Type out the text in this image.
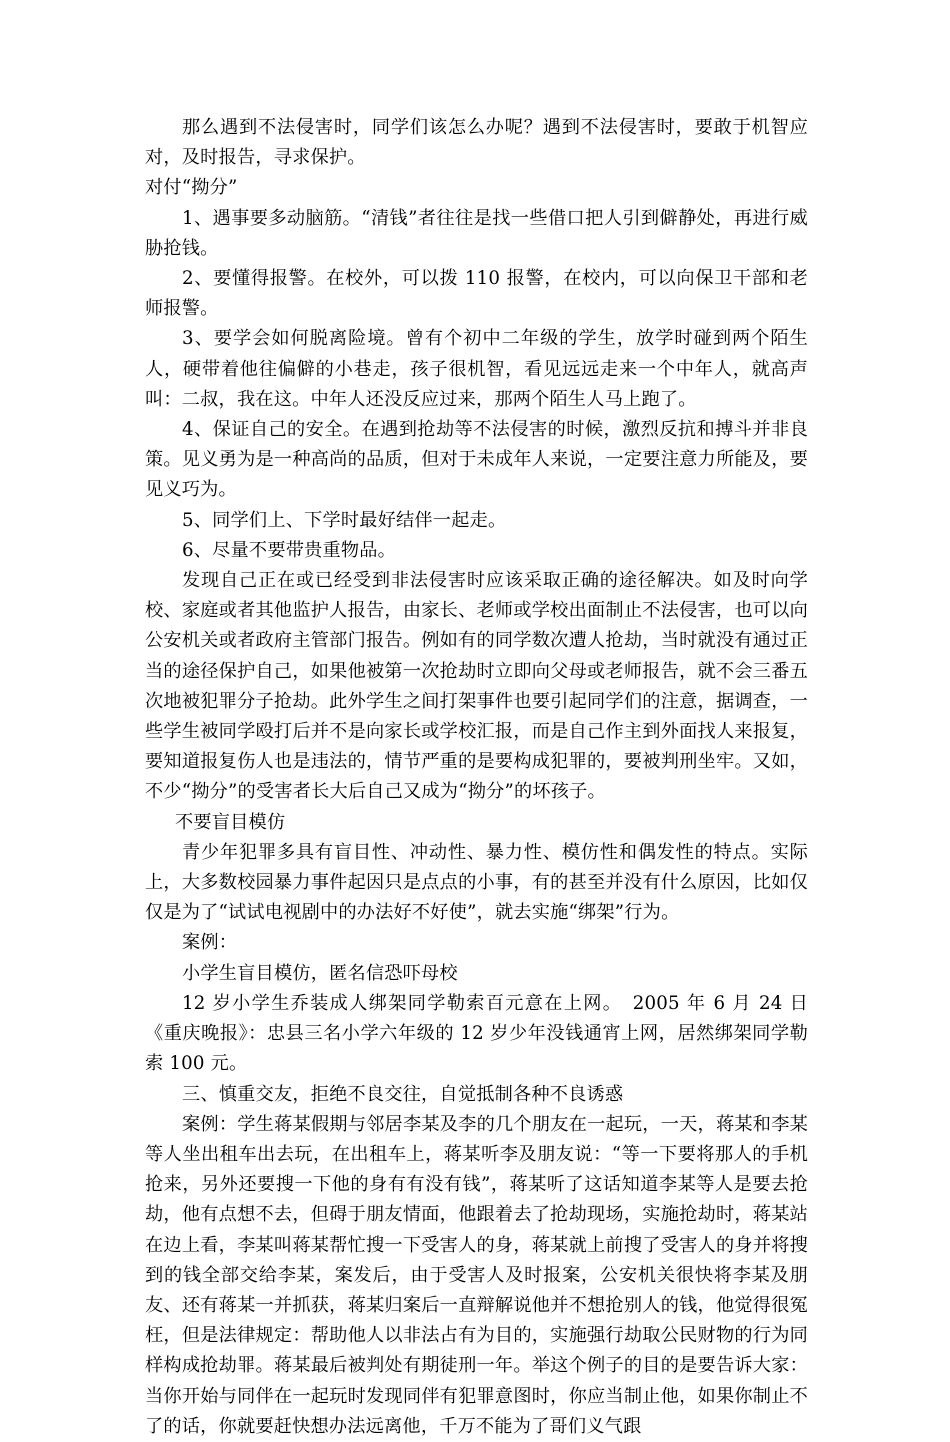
那么遇到不法侵害时，同学们该怎么办呢？遇到不法侵害时，要敢于机智应对，及时报告，寻求保护。

对付“拗分”

1、遇事要多动脑筋。“清钱”者往往是找一些借口把人引到僻静处，再进行威胁抢钱。

2、要懂得报警。在校外，可以拨 110 报警，在校内，可以向保卫干部和老师报警。

3、要学会如何脱离险境。曾有个初中二年级的学生，放学时碰到两个陌生人，硬带着他往偏僻的小巷走，孩子很机智，看见远远走来一个中年人，就高声叫：二叔，我在这。中年人还没反应过来，那两个陌生人马上跑了。

4、保证自己的安全。在遇到抢劫等不法侵害的时候，激烈反抗和搏斗并非良策。见义勇为是一种高尚的品质，但对于未成年人来说，一定要注意力所能及，要见义巧为。

5、同学们上、下学时最好结伴一起走。

6、尽量不要带贵重物品。

发现自己正在或已经受到非法侵害时应该采取正确的途径解决。如及时向学校、家庭或者其他监护人报告，由家长、老师或学校出面制止不法侵害，也可以向公安机关或者政府主管部门报告。例如有的同学数次遭人抢劫，当时就没有通过正当的途径保护自己，如果他被第一次抢劫时立即向父母或老师报告，就不会三番五次地被犯罪分子抢劫。此外学生之间打架事件也要引起同学们的注意，据调查，一些学生被同学殴打后并不是向家长或学校汇报，而是自己作主到外面找人来报复，要知道报复伤人也是违法的，情节严重的是要构成犯罪的，要被判刑坐牢。又如，不少“拗分”的受害者长大后自己又成为“拗分”的坏孩子。

不要盲目模仿

青少年犯罪多具有盲目性、冲动性、暴力性、模仿性和偶发性的特点。实际上，大多数校园暴力事件起因只是点点的小事，有的甚至并没有什么原因，比如仅仅是为了“试试电视剧中的办法好不好使”，就去实施“绑架”行为。

案例：

小学生盲目模仿，匿名信恐吓母校

12 岁小学生乔装成人绑架同学勒索百元意在上网。　2005 年 6 月 24 日《重庆晚报》：忠县三名小学六年级的 12 岁少年没钱通宵上网，居然绑架同学勒索 100 元。

三、慎重交友，拒绝不良交往，自觉抵制各种不良诱惑

案例：学生蒋某假期与邻居李某及李的几个朋友在一起玩，一天，蒋某和李某等人坐出租车出去玩，在出租车上，蒋某听李及朋友说：“等一下要将那人的手机抢来，另外还要搜一下他的身有有没有钱”，蒋某听了这话知道李某等人是要去抢劫，他有点想不去，但碍于朋友情面，他跟着去了抢劫现场，实施抢劫时，蒋某站在边上看，李某叫蒋某帮忙搜一下受害人的身，蒋某就上前搜了受害人的身并将搜到的钱全部交给李某，案发后，由于受害人及时报案，公安机关很快将李某及朋友、还有蒋某一并抓获，蒋某归案后一直辩解说他并不想抢别人的钱，他觉得很冤枉，但是法律规定：帮助他人以非法占有为目的，实施强行劫取公民财物的行为同样构成抢劫罪。蒋某最后被判处有期徒刑一年。举这个例子的目的是要告诉大家：当你开始与同伴在一起玩时发现同伴有犯罪意图时，你应当制止他，如果你制止不了的话，你就要赶快想办法远离他，千万不能为了哥们义气跟
